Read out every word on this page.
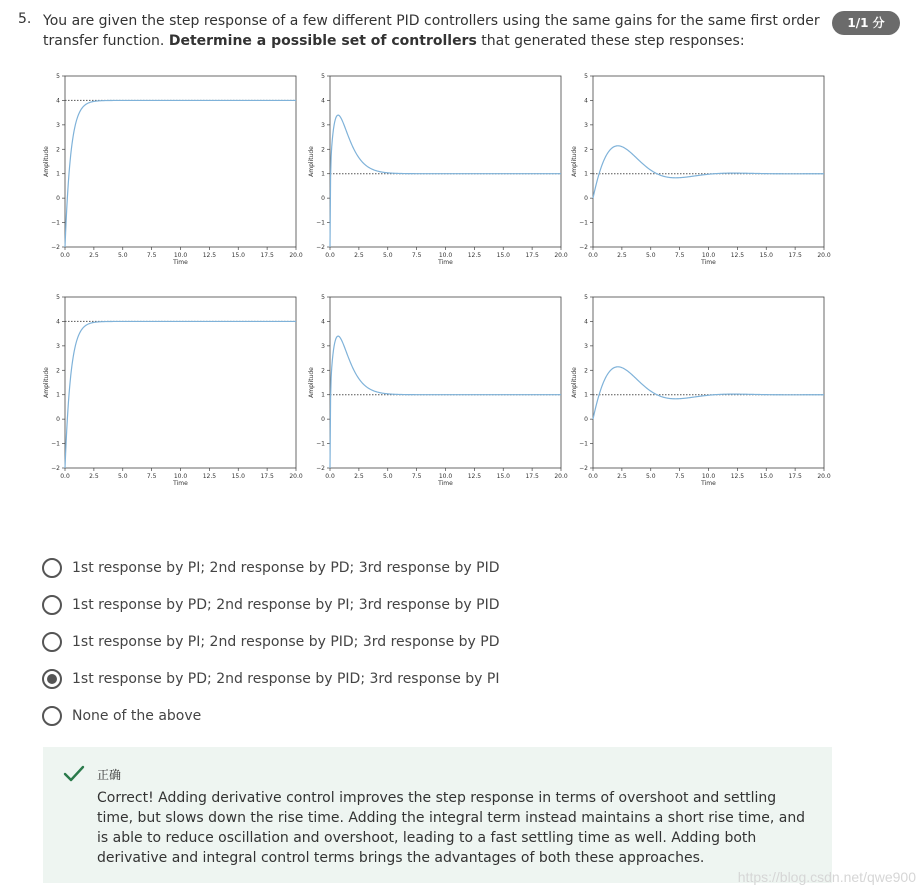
5. You are given the step response of a few different PID controllers using the same gains for the same first order transfer function. Determine a possible set of controllers that generated these step responses:
1/1 分
−2
−1
0
1
2
3
4
5
0.0	2.5	5.0	7.5	10.0	12.5	15.0	17.5	20.0
Time
Amplitude
−2
−1
0
1
2
3
4
5
0.0	2.5	5.0	7.5	10.0	12.5	15.0	17.5	20.0
Time
Amplitude
−2
−1
0
1
2
3
4
5
0.0	2.5	5.0	7.5	10.0	12.5	15.0	17.5	20.0
Time
Amplitude
−2
−1
0
1
2
3
4
5
0.0	2.5	5.0	7.5	10.0	12.5	15.0	17.5	20.0
Time
Amplitude
−2
−1
0
1
2
3
4
5
0.0	2.5	5.0	7.5	10.0	12.5	15.0	17.5	20.0
Time
Amplitude
−2
−1
0
1
2
3
4
5
0.0	2.5	5.0	7.5	10.0	12.5	15.0	17.5	20.0
Time
Amplitude
1st response by PI; 2nd response by PD; 3rd response by PID
1st response by PD; 2nd response by PI; 3rd response by PID
1st response by PI; 2nd response by PID; 3rd response by PD
1st response by PD; 2nd response by PID; 3rd response by PI
None of the above
正确
Correct! Adding derivative control improves the step response in terms of overshoot and settling time, but slows down the rise time. Adding the integral term instead maintains a short rise time, and is able to reduce oscillation and overshoot, leading to a fast settling time as well. Adding both derivative and integral control terms brings the advantages of both these approaches.
https://blog.csdn.net/qwe900
